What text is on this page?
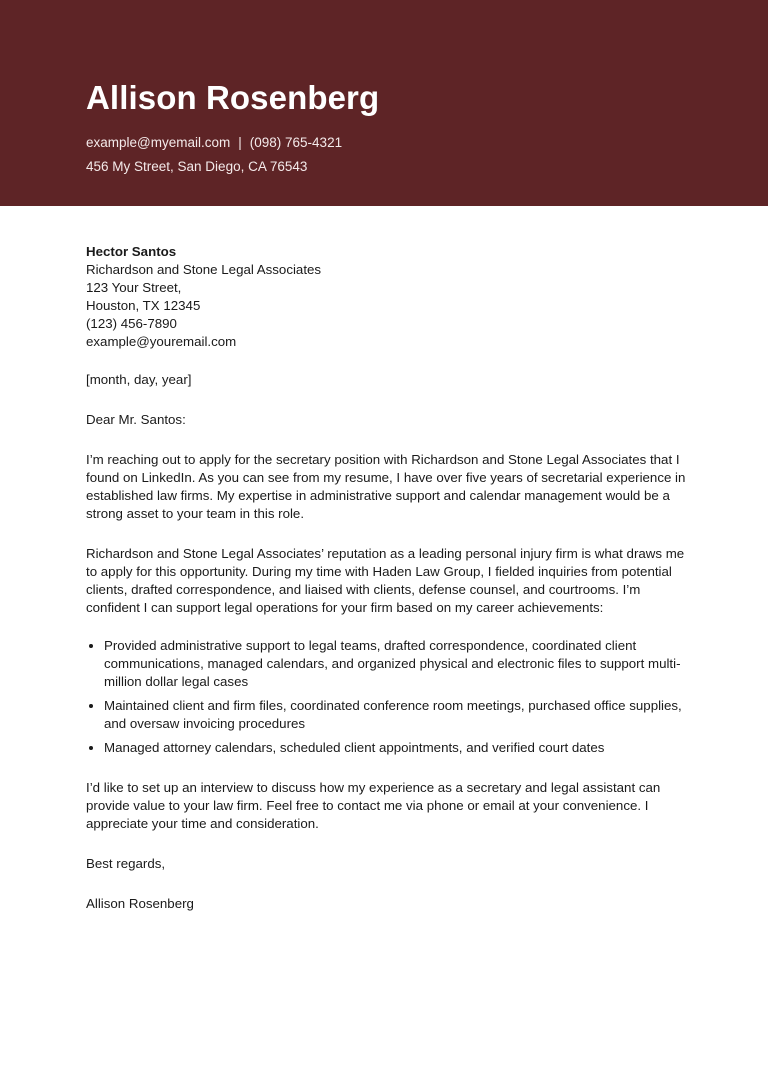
Allison Rosenberg
example@myemail.com | (098) 765-4321
456 My Street, San Diego, CA 76543
Hector Santos
Richardson and Stone Legal Associates
123 Your Street,
Houston, TX 12345
(123) 456-7890
example@youremail.com
[month, day, year]
Dear Mr. Santos:

I’m reaching out to apply for the secretary position with Richardson and Stone Legal Associates that I found on LinkedIn. As you can see from my resume, I have over five years of secretarial experience in established law firms. My expertise in administrative support and calendar management would be a strong asset to your team in this role.

Richardson and Stone Legal Associates’ reputation as a leading personal injury firm is what draws me to apply for this opportunity. During my time with Haden Law Group, I fielded inquiries from potential clients, drafted correspondence, and liaised with clients, defense counsel, and courtrooms. I’m confident I can support legal operations for your firm based on my career achievements:

• Provided administrative support to legal teams, drafted correspondence, coordinated client communications, managed calendars, and organized physical and electronic files to support multi-million dollar legal cases
• Maintained client and firm files, coordinated conference room meetings, purchased office supplies, and oversaw invoicing procedures
• Managed attorney calendars, scheduled client appointments, and verified court dates

I’d like to set up an interview to discuss how my experience as a secretary and legal assistant can provide value to your law firm. Feel free to contact me via phone or email at your convenience. I appreciate your time and consideration.

Best regards,
Allison Rosenberg
